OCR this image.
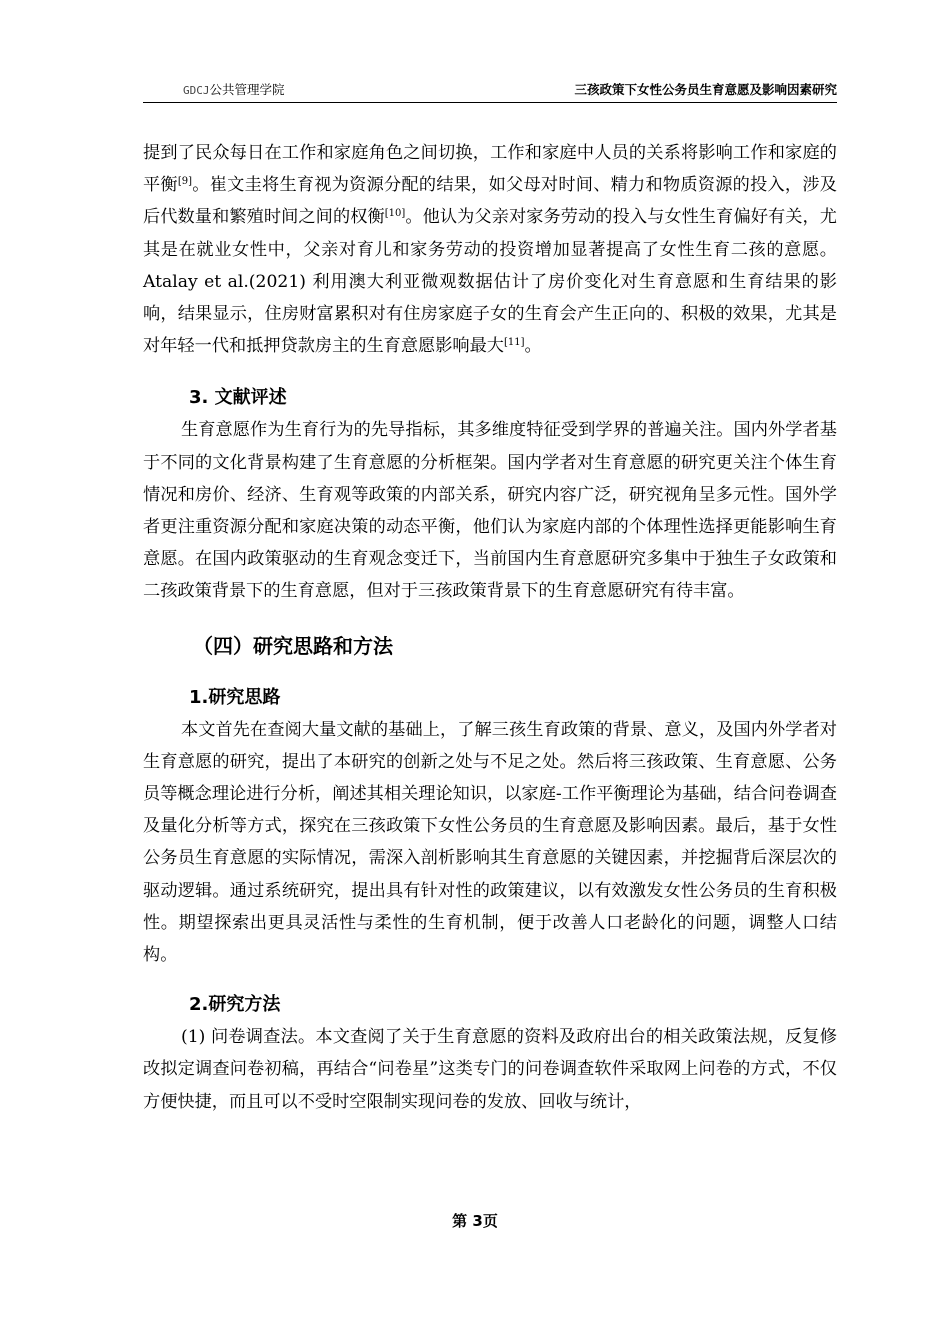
GDCJ公共管理学院	三孩政策下女性公务员生育意愿及影响因素研究

提到了民众每日在工作和家庭角色之间切换，工作和家庭中人员的关系将影响工作和家庭的平衡[9]。崔文圭将生育视为资源分配的结果，如父母对时间、精力和物质资源的投入，涉及后代数量和繁殖时间之间的权衡[10]。他认为父亲对家务劳动的投入与女性生育偏好有关，尤其是在就业女性中，父亲对育儿和家务劳动的投资增加显著提高了女性生育二孩的意愿。Atalay et al.(2021) 利用澳大利亚微观数据估计了房价变化对生育意愿和生育结果的影响，结果显示，住房财富累积对有住房家庭子女的生育会产生正向的、积极的效果，尤其是对年轻一代和抵押贷款房主的生育意愿影响最大[11]。

3. 文献评述

生育意愿作为生育行为的先导指标，其多维度特征受到学界的普遍关注。国内外学者基于不同的文化背景构建了生育意愿的分析框架。国内学者对生育意愿的研究更关注个体生育情况和房价、经济、生育观等政策的内部关系，研究内容广泛，研究视角呈多元性。国外学者更注重资源分配和家庭决策的动态平衡，他们认为家庭内部的个体理性选择更能影响生育意愿。在国内政策驱动的生育观念变迁下，当前国内生育意愿研究多集中于独生子女政策和二孩政策背景下的生育意愿，但对于三孩政策背景下的生育意愿研究有待丰富。

（四）研究思路和方法
1.研究思路

本文首先在查阅大量文献的基础上，了解三孩生育政策的背景、意义，及国内外学者对生育意愿的研究，提出了本研究的创新之处与不足之处。然后将三孩政策、生育意愿、公务员等概念理论进行分析，阐述其相关理论知识，以家庭-工作平衡理论为基础，结合问卷调查及量化分析等方式，探究在三孩政策下女性公务员的生育意愿及影响因素。最后，基于女性公务员生育意愿的实际情况，需深入剖析影响其生育意愿的关键因素，并挖掘背后深层次的驱动逻辑。通过系统研究，提出具有针对性的政策建议，以有效激发女性公务员的生育积极性。期望探索出更具灵活性与柔性的生育机制，便于改善人口老龄化的问题，调整人口结构。

2.研究方法

(1) 问卷调查法。本文查阅了关于生育意愿的资料及政府出台的相关政策法规，反复修改拟定调查问卷初稿，再结合“问卷星”这类专门的问卷调查软件采取网上问卷的方式，不仅方便快捷，而且可以不受时空限制实现问卷的发放、回收与统计，

第 3页
